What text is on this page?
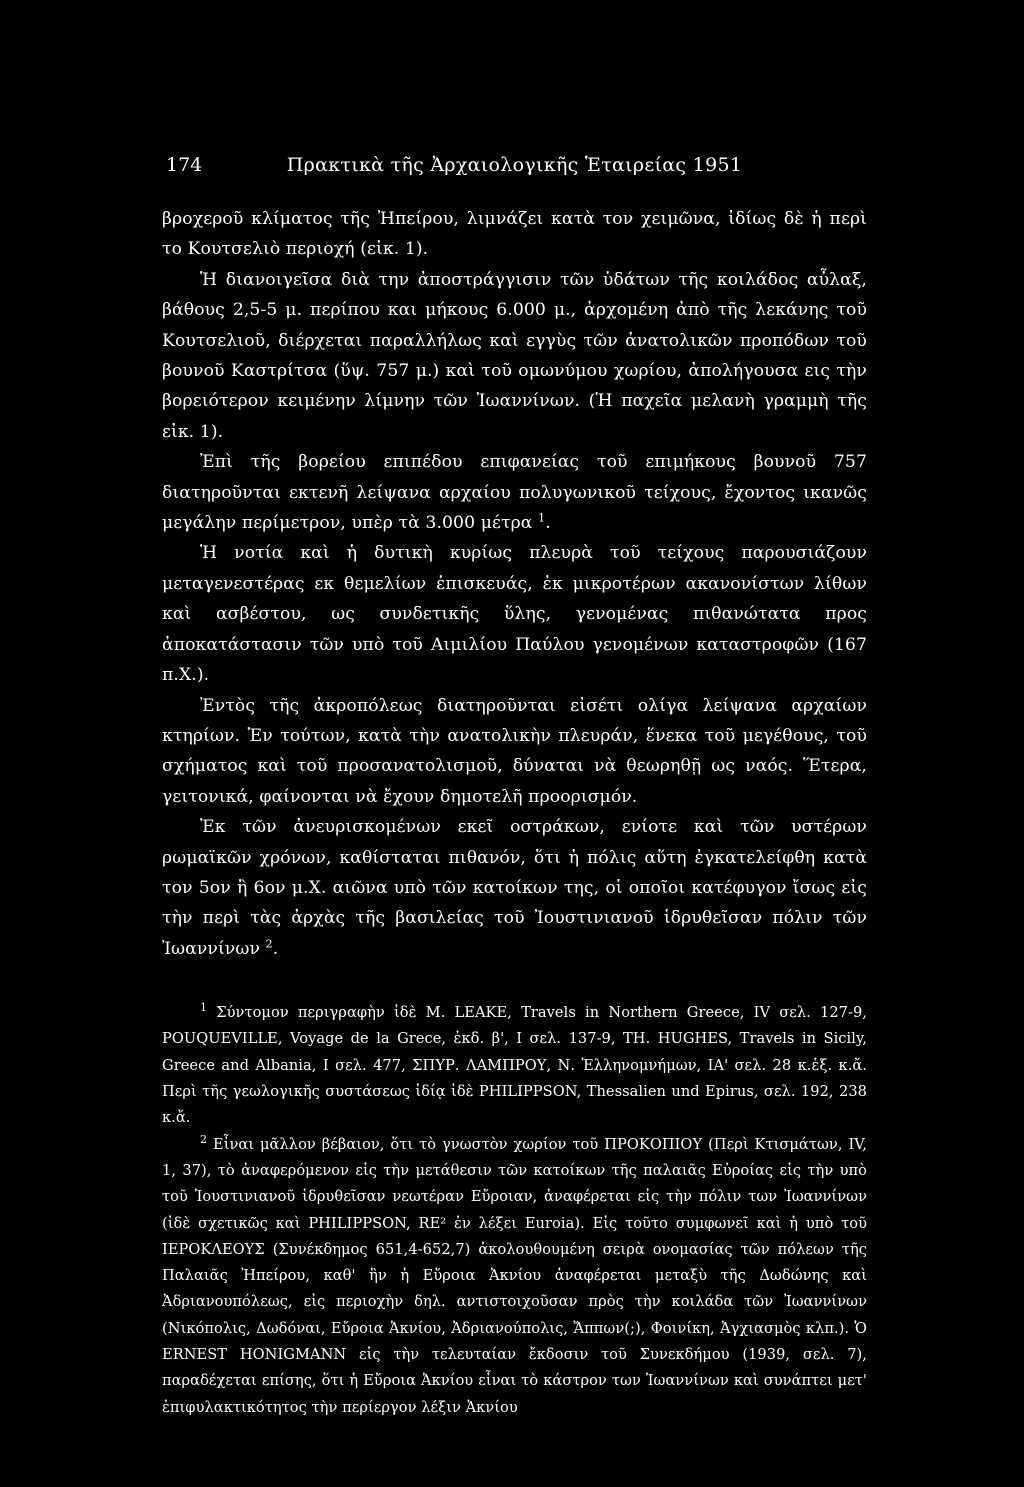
174	Πρακτικὰ τῆς Ἀρχαιολογικῆς Ἑταιρείας 1951

βροχεροῦ κλίματος τῆς Ἠπείρου, λιμνάζει κατὰ τον χειμῶνα, ἰδίως δὲ ἡ περὶ το Κουτσελιὸ περιοχή (εἰκ. 1).

Ἡ διανοιγεῖσα διὰ την ἀποστράγγισιν τῶν ὑδάτων τῆς κοιλάδος αὖλαξ, βάθους 2,5-5 μ. περίπου και μήκους 6.000 μ., ἀρχομένη ἀπὸ τῆς λεκάνης τοῦ Κουτσελιοῦ, διέρχεται παραλλήλως καὶ εγγὺς τῶν ἀνατολικῶν προπόδων τοῦ βουνοῦ Καστρίτσα (ὕψ. 757 μ.) καὶ τοῦ ομωνύμου χωρίου, ἀπολήγουσα εις τὴν βορειότερον κειμένην λίμνην τῶν Ἰωαννίνων. (Ἡ παχεῖα μελανὴ γραμμὴ τῆς εἰκ. 1).

Ἐπὶ τῆς βορείου επιπέδου επιφανείας τοῦ επιμήκους βουνοῦ 757 διατηροῦνται εκτενῆ λείψανα αρχαίου πολυγωνικοῦ τείχους, ἔχοντος ικανῶς μεγάλην περίμετρον, υπὲρ τὰ 3.000 μέτρα $^1$.

Ἡ νοτία καὶ ἡ δυτικὴ κυρίως πλευρὰ τοῦ τείχους παρουσιάζουν μεταγενεστέρας εκ θεμελίων ἐπισκευάς, ἐκ μικροτέρων ακανονίστων λίθων καὶ ασβέστου, ως συνδετικῆς ὕλης, γενομένας πιθανώτατα προς ἀποκατάστασιν τῶν υπὸ τοῦ Αιμιλίου Παύλου γενομένων καταστροφῶν (167 π.Χ.).

Ἐντὸς τῆς ἀκροπόλεως διατηροῦνται εἰσέτι ολίγα λείψανα αρχαίων κτηρίων. Ἐν τούτων, κατὰ τὴν ανατολικὴν πλευράν, ἕνεκα τοῦ μεγέθους, τοῦ σχήματος καὶ τοῦ προσανατολισμοῦ, δύναται νὰ θεωρηθῇ ως ναός. Ἕτερα, γειτονικά, φαίνονται νὰ ἔχουν δημοτελῆ προορισμόν.

Ἐκ τῶν ἀνευρισκομένων εκεῖ οστράκων, ενίοτε καὶ τῶν υστέρων ρωμαϊκῶν χρόνων, καθίσταται πιθανόν, ὅτι ἡ πόλις αὕτη ἐγκατελείφθη κατὰ τον 5ον ἢ 6ον μ.Χ. αιῶνα υπὸ τῶν κατοίκων της, οἱ οποῖοι κατέφυγον ἴσως εἰς τὴν περὶ τὰς ἀρχὰς τῆς βασιλείας τοῦ Ἰουστινιανοῦ ἱδρυθεῖσαν πόλιν τῶν Ἰωαννίνων $^2$.

$^1$ Σύντομον περιγραφὴν ἰδὲ M. LEAKE, Travels in Northern Greece, IV σελ. 127-9, POUQUEVILLE, Voyage de la Grece, ἐκδ. β', I σελ. 137-9, TH. HUGHES, Travels in Sicily, Greece and Albania, I σελ. 477, ΣΠΥΡ. ΛΑΜΠΡΟΥ, Ν. Ἑλληνομνήμων, ΙΑ' σελ. 28 κ.ἑξ. κ.ἄ. Περὶ τῆς γεωλογικῆς συστάσεως ἰδίᾳ ἰδὲ PHILIPPSON, Thessalien und Epirus, σελ. 192, 238 κ.ἄ.

$^2$ Εἶναι μᾶλλον βέβαιον, ὅτι τὸ γνωστὸν χωρίον τοῦ ΠΡΟΚΟΠΙΟΥ (Περὶ Κτισμάτων, IV, 1, 37), τὸ ἀναφερόμενον εἰς τὴν μετάθεσιν τῶν κατοίκων τῆς παλαιᾶς Εὐροίας εἰς τὴν υπὸ τοῦ Ἰουστινιανοῦ ἱδρυθεῖσαν νεωτέραν Εὔροιαν, ἀναφέρεται εἰς τὴν πόλιν των Ἰωαννίνων (ἰδὲ σχετικῶς καὶ PHILIPPSON, RE² ἐν λέξει Euroia). Εἰς τοῦτο συμφωνεῖ καὶ ἡ υπὸ τοῦ ΙΕΡΟΚΛΕΟΥΣ (Συνέκδημος 651,4-652,7) ἀκολουθουμένη σειρὰ ονομασίας τῶν πόλεων τῆς Παλαιᾶς Ἠπείρου, καθ' ἣν ἡ Εὔροια Ἀκνίου ἀναφέρεται μεταξὺ τῆς Δωδώνης καὶ Ἀδριανουπόλεως, εἰς περιοχὴν δηλ. αντιστοιχοῦσαν πρὸς τὴν κοιλάδα τῶν Ἰωαννίνων (Νικόπολις, Δωδόναι, Εὔροια Ἀκνίου, Ἀδριανούπολις, Ἄππων(;), Φοινίκη, Ἀγχιασμὸς κλπ.). Ὁ ERNEST HONIGMANN εἰς τὴν τελευταίαν ἔκδοσιν τοῦ Συνεκδήμου (1939, σελ. 7), παραδέχεται επίσης, ὅτι ἡ Εὔροια Ἀκνίου εἶναι τὸ κάστρον των Ἰωαννίνων καὶ συνάπτει μετ' ἐπιφυλακτικότητος τὴν περίεργον λέξιν Ἀκνίου
